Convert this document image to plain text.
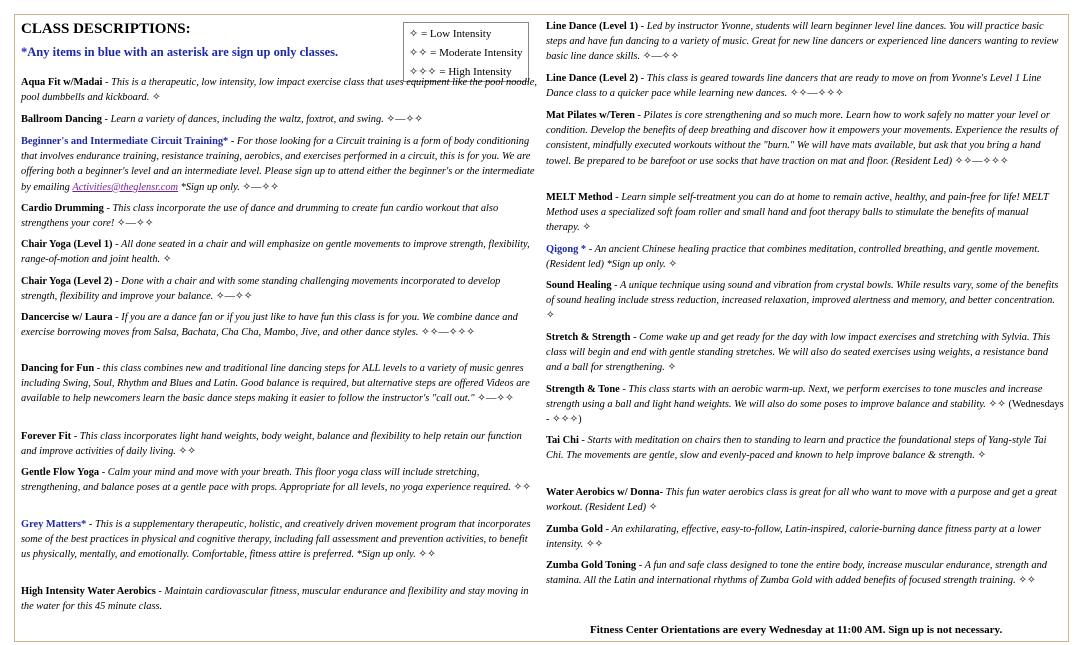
CLASS DESCRIPTIONS:
*Any items in blue with an asterisk are sign up only classes.
✧ = Low Intensity
✧✧ = Moderate Intensity
✧✧✧ = High Intensity
Aqua Fit w/Madai - This is a therapeutic, low intensity, low impact exercise class that uses equipment like the pool noodle, pool dumbbells and kickboard. ✧
Ballroom Dancing - Learn a variety of dances, including the waltz, foxtrot, and swing. ✧—✧✧
Beginner's and Intermediate Circuit Training* - For those looking for a Circuit training is a form of body conditioning that involves endurance training, resistance training, aerobics, and exercises performed in a circuit, this is for you. We are offering both a beginner's level and an intermediate level. Please sign up to attend either the beginner's or the intermediate by emailing Activities@theglensr.com *Sign up only. ✧—✧✧
Cardio Drumming - This class incorporate the use of dance and drumming to create fun cardio workout that also strengthens your core! ✧—✧✧
Chair Yoga (Level 1) - All done seated in a chair and will emphasize on gentle movements to improve strength, flexibility, range-of-motion and joint health. ✧
Chair Yoga (Level 2) - Done with a chair and with some standing challenging movements incorporated to develop strength, flexibility and improve your balance. ✧—✧✧
Dancercise w/ Laura - If you are a dance fan or if you just like to have fun this class is for you. We combine dance and exercise borrowing moves from Salsa, Bachata, Cha Cha, Mambo, Jive, and other dance styles. ✧✧—✧✧✧
Dancing for Fun - this class combines new and traditional line dancing steps for ALL levels to a variety of music genres including Swing, Soul, Rhythm and Blues and Latin. Good balance is required, but alternative steps are offered Videos are available to help newcomers learn the basic dance steps making it easier to follow the instructor's "call out." ✧—✧✧
Forever Fit - This class incorporates light hand weights, body weight, balance and flexibility to help retain our function and improve activities of daily living. ✧✧
Gentle Flow Yoga - Calm your mind and move with your breath. This floor yoga class will include stretching, strengthening, and balance poses at a gentle pace with props. Appropriate for all levels, no yoga experience required. ✧✧
Grey Matters* - This is a supplementary therapeutic, holistic, and creatively driven movement program that incorporates some of the best practices in physical and cognitive therapy, including fall assessment and prevention activities, to benefit us physically, mentally, and emotionally. Comfortable, fitness attire is preferred. *Sign up only. ✧✧
High Intensity Water Aerobics - Maintain cardiovascular fitness, muscular endurance and flexibility and stay moving in the water for this 45 minute class.
Line Dance (Level 1) - Led by instructor Yvonne, students will learn beginner level line dances. You will practice basic steps and have fun dancing to a variety of music. Great for new line dancers or experienced line dancers wanting to review basic line dance skills. ✧—✧✧
Line Dance (Level 2) - This class is geared towards line dancers that are ready to move on from Yvonne's Level 1 Line Dance class to a quicker pace while learning new dances. ✧✧—✧✧✧
Mat Pilates w/Teren - Pilates is core strengthening and so much more. Learn how to work safely no matter your level or condition. Develop the benefits of deep breathing and discover how it empowers your movements. Experience the results of consistent, mindfully executed workouts without the "burn." We will have mats available, but ask that you bring a hand towel. Be prepared to be barefoot or use socks that have traction on mat and floor. (Resident Led) ✧✧—✧✧✧
MELT Method - Learn simple self-treatment you can do at home to remain active, healthy, and pain-free for life! MELT Method uses a specialized soft foam roller and small hand and foot therapy balls to stimulate the benefits of manual therapy. ✧
Qigong * - An ancient Chinese healing practice that combines meditation, controlled breathing, and gentle movement. (Resident led) *Sign up only. ✧
Sound Healing - A unique technique using sound and vibration from crystal bowls. While results vary, some of the benefits of sound healing include stress reduction, increased relaxation, improved alertness and memory, and better concentration. ✧
Stretch & Strength - Come wake up and get ready for the day with low impact exercises and stretching with Sylvia. This class will begin and end with gentle standing stretches. We will also do seated exercises using weights, a resistance band and a ball for strengthening. ✧
Strength & Tone - This class starts with an aerobic warm-up. Next, we perform exercises to tone muscles and increase strength using a ball and light hand weights. We will also do some poses to improve balance and stability. ✧✧ (Wednesdays - ✧✧✧)
Tai Chi - Starts with meditation on chairs then to standing to learn and practice the foundational steps of Yang-style Tai Chi. The movements are gentle, slow and evenly-paced and known to help improve balance & strength. ✧
Water Aerobics w/ Donna- This fun water aerobics class is great for all who want to move with a purpose and get a great workout. (Resident Led) ✧
Zumba Gold - An exhilarating, effective, easy-to-follow, Latin-inspired, calorie-burning dance fitness party at a lower intensity. ✧✧
Zumba Gold Toning - A fun and safe class designed to tone the entire body, increase muscular endurance, strength and stamina. All the Latin and international rhythms of Zumba Gold with added benefits of focused strength training. ✧✧
Fitness Center Orientations are every Wednesday at 11:00 AM. Sign up is not necessary.
